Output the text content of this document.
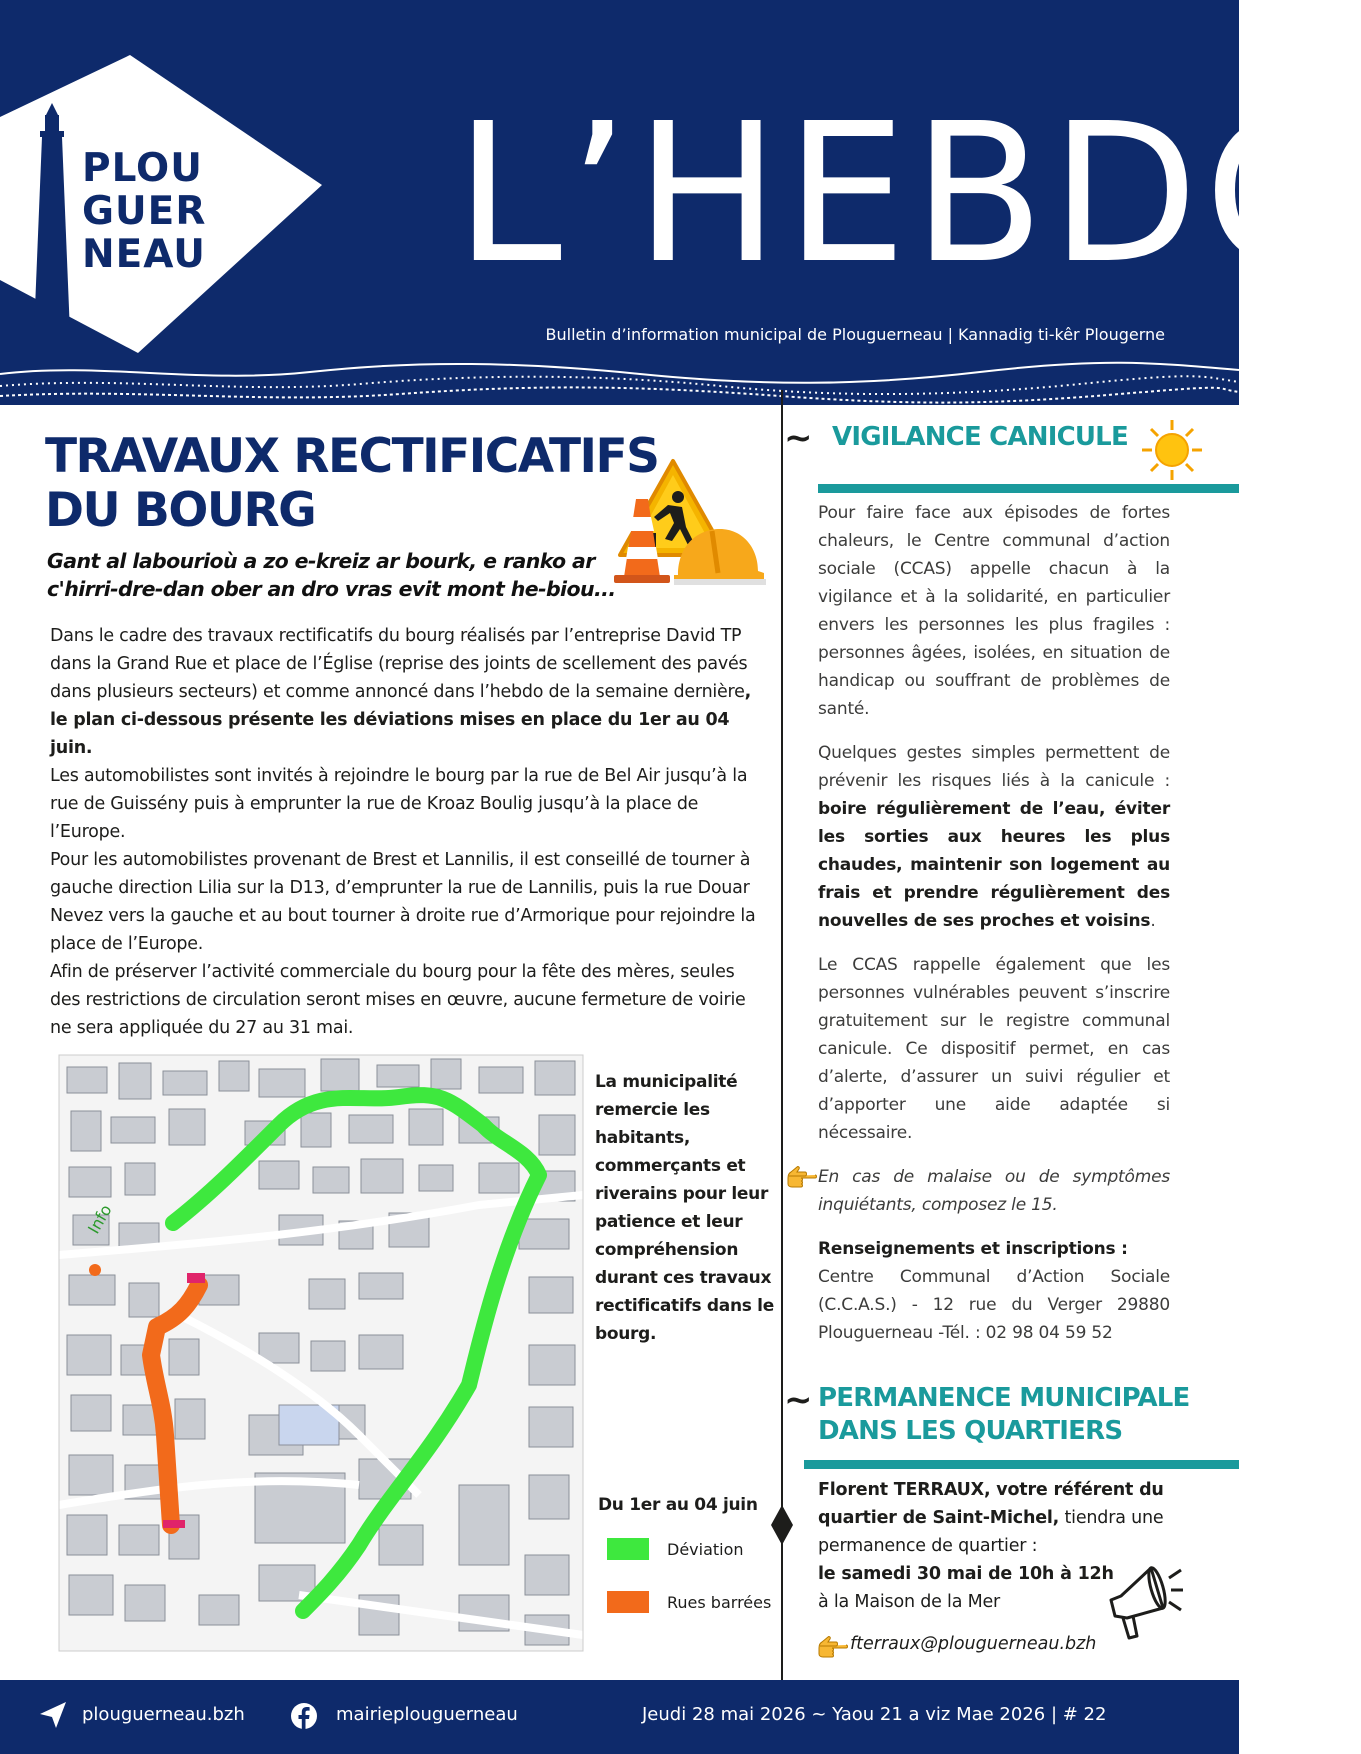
PLOU
GUER
NEAU L’HEBDO
Bulletin d’information municipal de Plouguerneau | Kannadig ti-kêr Plougerne
TRAVAUX RECTIFICATIFS
DU BOURG
Gant al labourioù a zo e-kreiz ar bourk, e ranko ar c'hirri-dre-dan ober an dro vras evit mont he-biou...

Dans le cadre des travaux rectificatifs du bourg réalisés par l’entreprise David TP dans la Grand Rue et place de l’Église (reprise des joints de scellement des pavés dans plusieurs secteurs) et comme annoncé dans l’hebdo de la semaine dernière, le plan ci-dessous présente les déviations mises en place du 1er au 04 juin.

Les automobilistes sont invités à rejoindre le bourg par la rue de Bel Air jusqu’à la rue de Guissény puis à emprunter la rue de Kroaz Boulig jusqu’à la place de l’Europe.

Pour les automobilistes provenant de Brest et Lannilis, il est conseillé de tourner à gauche direction Lilia sur la D13, d’emprunter la rue de Lannilis, puis la rue Douar Nevez vers la gauche et au bout tourner à droite rue d’Armorique pour rejoindre la place de l’Europe.

Afin de préserver l’activité commerciale du bourg pour la fête des mères, seules des restrictions de circulation seront mises en œuvre, aucune fermeture de voirie ne sera appliquée du 27 au 31 mai.

Info
La municipalité remercie les habitants, commerçants et riverains pour leur patience et leur compréhension durant ces travaux rectificatifs dans le bourg.
Du 1er au 04 juin
Déviation
Rues barrées
~ VIGILANCE CANICULE

Pour faire face aux épisodes de fortes chaleurs, le Centre communal d’action sociale (CCAS) appelle chacun à la vigilance et à la solidarité, en particulier envers les personnes les plus fragiles : personnes âgées, isolées, en situation de handicap ou souffrant de problèmes de santé.

Quelques gestes simples permettent de prévenir les risques liés à la canicule : boire régulièrement de l’eau, éviter les sorties aux heures les plus chaudes, maintenir son logement au frais et prendre régulièrement des nouvelles de ses proches et voisins.

Le CCAS rappelle également que les personnes vulnérables peuvent s’inscrire gratuitement sur le registre communal canicule. Ce dispositif permet, en cas d’alerte, d’assurer un suivi régulier et d’apporter une aide adaptée si nécessaire.

En cas de malaise ou de symptômes inquiétants, composez le 15.

Renseignements et inscriptions :
Centre Communal d’Action Sociale (C.C.A.S.) - 12 rue du Verger 29880 Plouguerneau -Tél. : 02 98 04 59 52

~ PERMANENCE MUNICIPALE
DANS LES QUARTIERS
Florent TERRAUX, votre référent du quartier de Saint-Michel, tiendra une permanence de quartier :
le samedi 30 mai de 10h à 12h
à la Maison de la Mer
fterraux@plouguerneau.bzh
plouguerneau.bzh	mairieplouguerneau	Jeudi 28 mai 2026 ~ Yaou 21 a viz Mae 2026 | # 22
